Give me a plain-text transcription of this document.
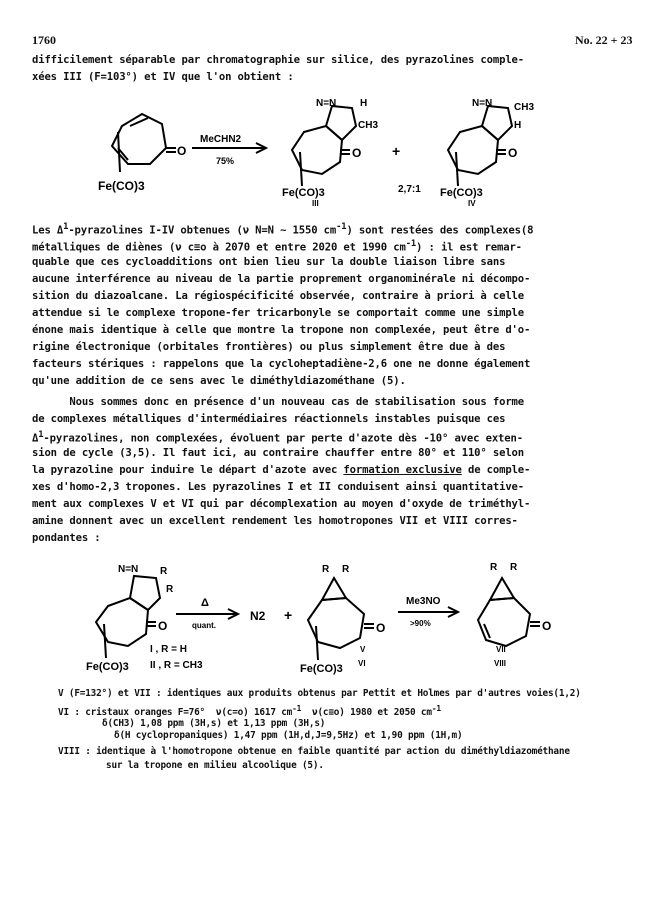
1760	No. 22 + 23
difficilement séparable par chromatographie sur silice, des pyrazolines comple-
xées III (F=103°) et IV que l'on obtient :
O
Fe(CO)3
MeCHN2
75%
N=N H
CH3
O
Fe(CO)3
III
+
2,7:1
N=N CH3
H
O
Fe(CO)3
IV
Les $\Delta^1$-pyrazolines I-IV obtenues (ν N=N ~ 1550 $cm^{-1}$) sont restées des complexes(8
métalliques de diènes (ν c≡o à 2070 et entre 2020 et 1990 $cm^{-1}$) : il est remar-
quable que ces cycloadditions ont bien lieu sur la double liaison libre sans
aucune interférence au niveau de la partie proprement organominérale ni décompo-
sition du diazoalcane. La régiospécificité observée, contraire à priori à celle
attendue si le complexe tropone-fer tricarbonyle se comportait comme une simple
énone mais identique à celle que montre la tropone non complexée, peut être d'o-
rigine électronique (orbitales frontières) ou plus simplement être due à des
facteurs stériques : rappelons que la cycloheptadiène-2,6 one ne donne également
qu'une addition de ce sens avec le diméthyldiazométhane (5).
Nous sommes donc en présence d'un nouveau cas de stabilisation sous forme
de complexes métalliques d'intermédiaires réactionnels instables puisque ces
$\Delta^1$-pyrazolines, non complexées, évoluent par perte d'azote dès -10° avec exten-
sion de cycle (3,5). Il faut ici, au contraire chauffer entre 80° et 110° selon
la pyrazoline pour induire le départ d'azote avec formation exclusive de comple-
xes d'homo-2,3 tropones. Les pyrazolines I et II conduisent ainsi quantitative-
ment aux complexes V et VI qui par décomplexation au moyen d'oxyde de triméthyl-
amine donnent avec un excellent rendement les homotropones VII et VIII corres-
pondantes :
N=N R
R
O
Fe(CO)3
I , R = H
II , R = CH3
Δ
quant.
N2 +
R R
O
Fe(CO)3
V
VI
Me3NO
>90%
R R
O
VII
VIII
V (F=132°) et VII : identiques aux produits obtenus par Pettit et Holmes par d'autres voies(1,2)
VI : cristaux oranges F=76°  ν(c=o) 1617 $cm^{-1}$  ν(c≡o) 1980 et 2050 $cm^{-1}$
δ(CH3) 1,08 ppm (3H,s) et 1,13 ppm (3H,s)
δ(H cyclopropaniques) 1,47 ppm (1H,d,J=9,5Hz) et 1,90 ppm (1H,m)
VIII : identique à l'homotropone obtenue en faible quantité par action du diméthyldiazométhane
sur la tropone en milieu alcoolique (5).
